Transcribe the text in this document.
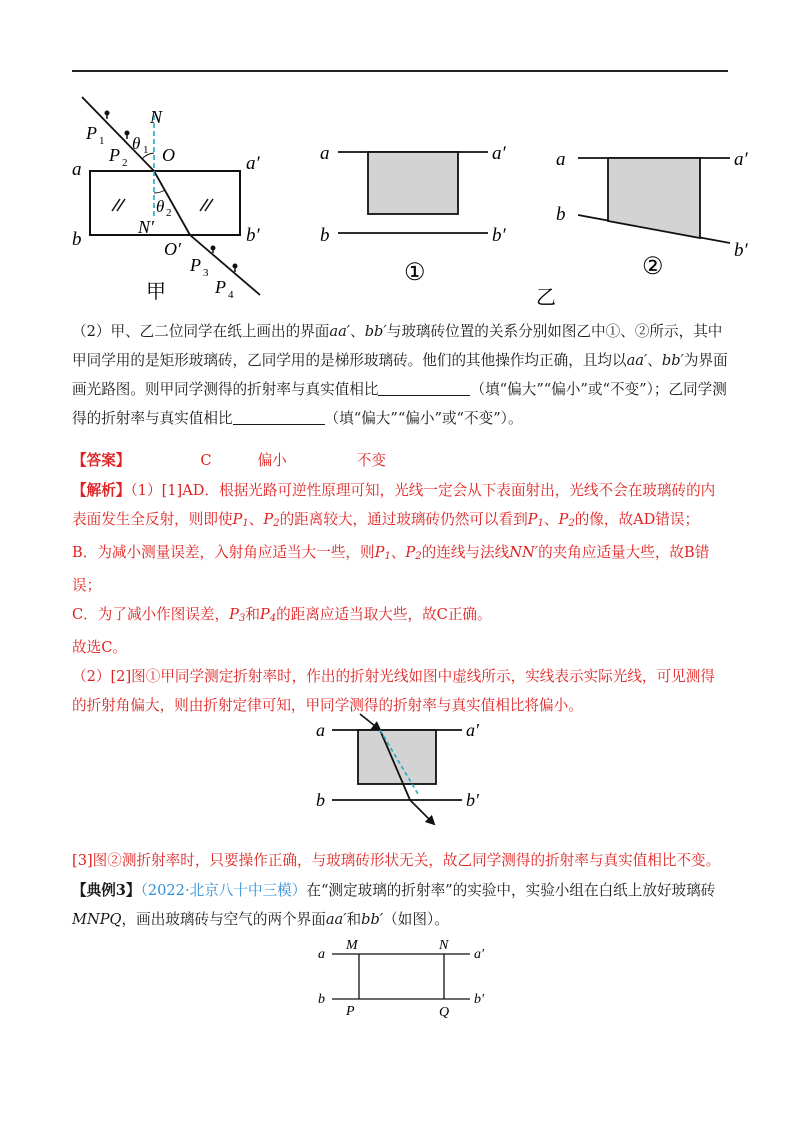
N
P 1 θ 1
P 2 O
a	a′
θ 2
N′
b	b′
O′
P 3
P 4
甲
a	a′
b	b′
①
a	a′
b
b′
②
乙

（2）甲、乙二位同学在纸上画出的界面aa′、bb′与玻璃砖位置的关系分别如图乙中①、②所示，其中甲同学用的是矩形玻璃砖，乙同学用的是梯形玻璃砖。他们的其他操作均正确，且均以aa′、bb′为界面画光路图。则甲同学测得的折射率与真实值相比	（填“偏大”“偏小”或“不变”）；乙同学测得的折射率与真实值相比	（填“偏大”“偏小”或“不变”）。

【答案】	C	偏小	不变

【解析】（1）[1]AD．根据光路可逆性原理可知，光线一定会从下表面射出，光线不会在玻璃砖的内表面发生全反射，则即使$P_1$、$P_2$的距离较大，通过玻璃砖仍然可以看到$P_1$、$P_2$的像，故AD错误；
B．为减小测量误差，入射角应适当大一些，则$P_1$、$P_2$的连线与法线NN′的夹角应适量大些，故B错误；
C．为了减小作图误差，$P_3$和$P_4$的距离应适当取大些，故C正确。
故选C。
（2）[2]图①甲同学测定折射率时，作出的折射光线如图中虚线所示，实线表示实际光线，可见测得的折射角偏大，则由折射定律可知，甲同学测得的折射率与真实值相比将偏小。

a	a′
b	b′

[3]图②测折射率时，只要操作正确，与玻璃砖形状无关，故乙同学测得的折射率与真实值相比不变。

【典例3】（2022·北京八十中三模）在“测定玻璃的折射率”的实验中，实验小组在白纸上放好玻璃砖MNPQ，画出玻璃砖与空气的两个界面aa′和bb′（如图）。

a	a′
b	b′
M	N
P	Q
